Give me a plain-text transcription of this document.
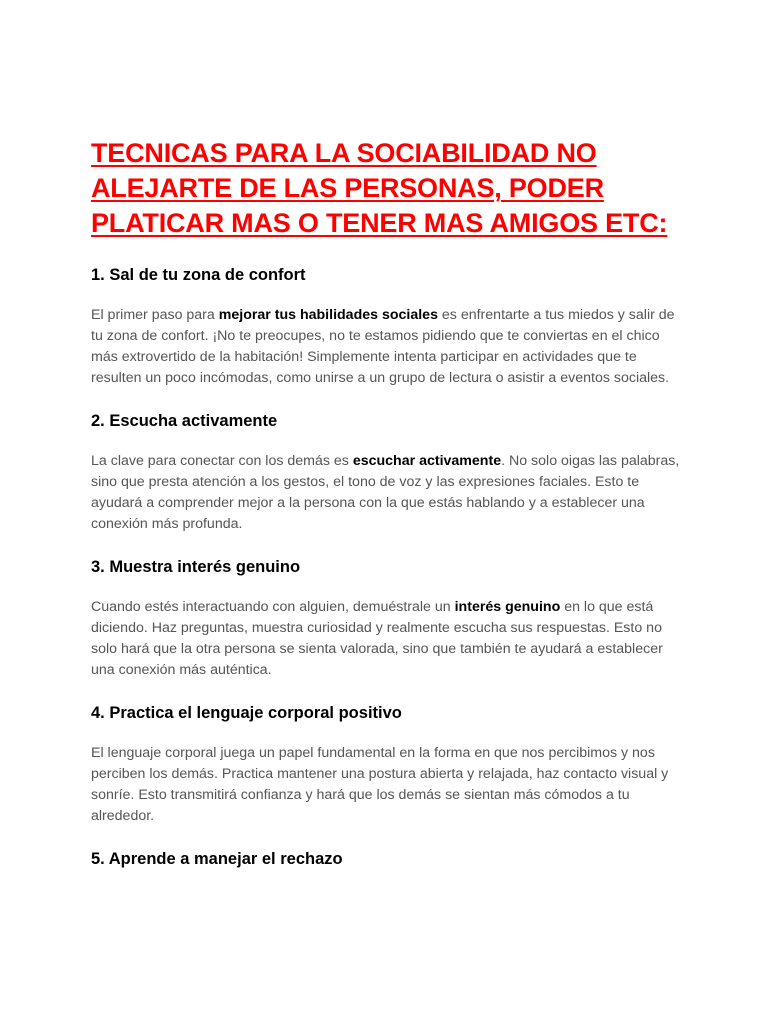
TECNICAS PARA LA SOCIABILIDAD NO ALEJARTE DE LAS PERSONAS, PODER PLATICAR MAS O TENER MAS AMIGOS ETC:
1. Sal de tu zona de confort

El primer paso para mejorar tus habilidades sociales es enfrentarte a tus miedos y salir de tu zona de confort. ¡No te preocupes, no te estamos pidiendo que te conviertas en el chico más extrovertido de la habitación! Simplemente intenta participar en actividades que te resulten un poco incómodas, como unirse a un grupo de lectura o asistir a eventos sociales.

2. Escucha activamente

La clave para conectar con los demás es escuchar activamente. No solo oigas las palabras, sino que presta atención a los gestos, el tono de voz y las expresiones faciales. Esto te ayudará a comprender mejor a la persona con la que estás hablando y a establecer una conexión más profunda.

3. Muestra interés genuino

Cuando estés interactuando con alguien, demuéstrale un interés genuino en lo que está diciendo. Haz preguntas, muestra curiosidad y realmente escucha sus respuestas. Esto no solo hará que la otra persona se sienta valorada, sino que también te ayudará a establecer una conexión más auténtica.

4. Practica el lenguaje corporal positivo

El lenguaje corporal juega un papel fundamental en la forma en que nos percibimos y nos perciben los demás. Practica mantener una postura abierta y relajada, haz contacto visual y sonríe. Esto transmitirá confianza y hará que los demás se sientan más cómodos a tu alrededor.

5. Aprende a manejar el rechazo
